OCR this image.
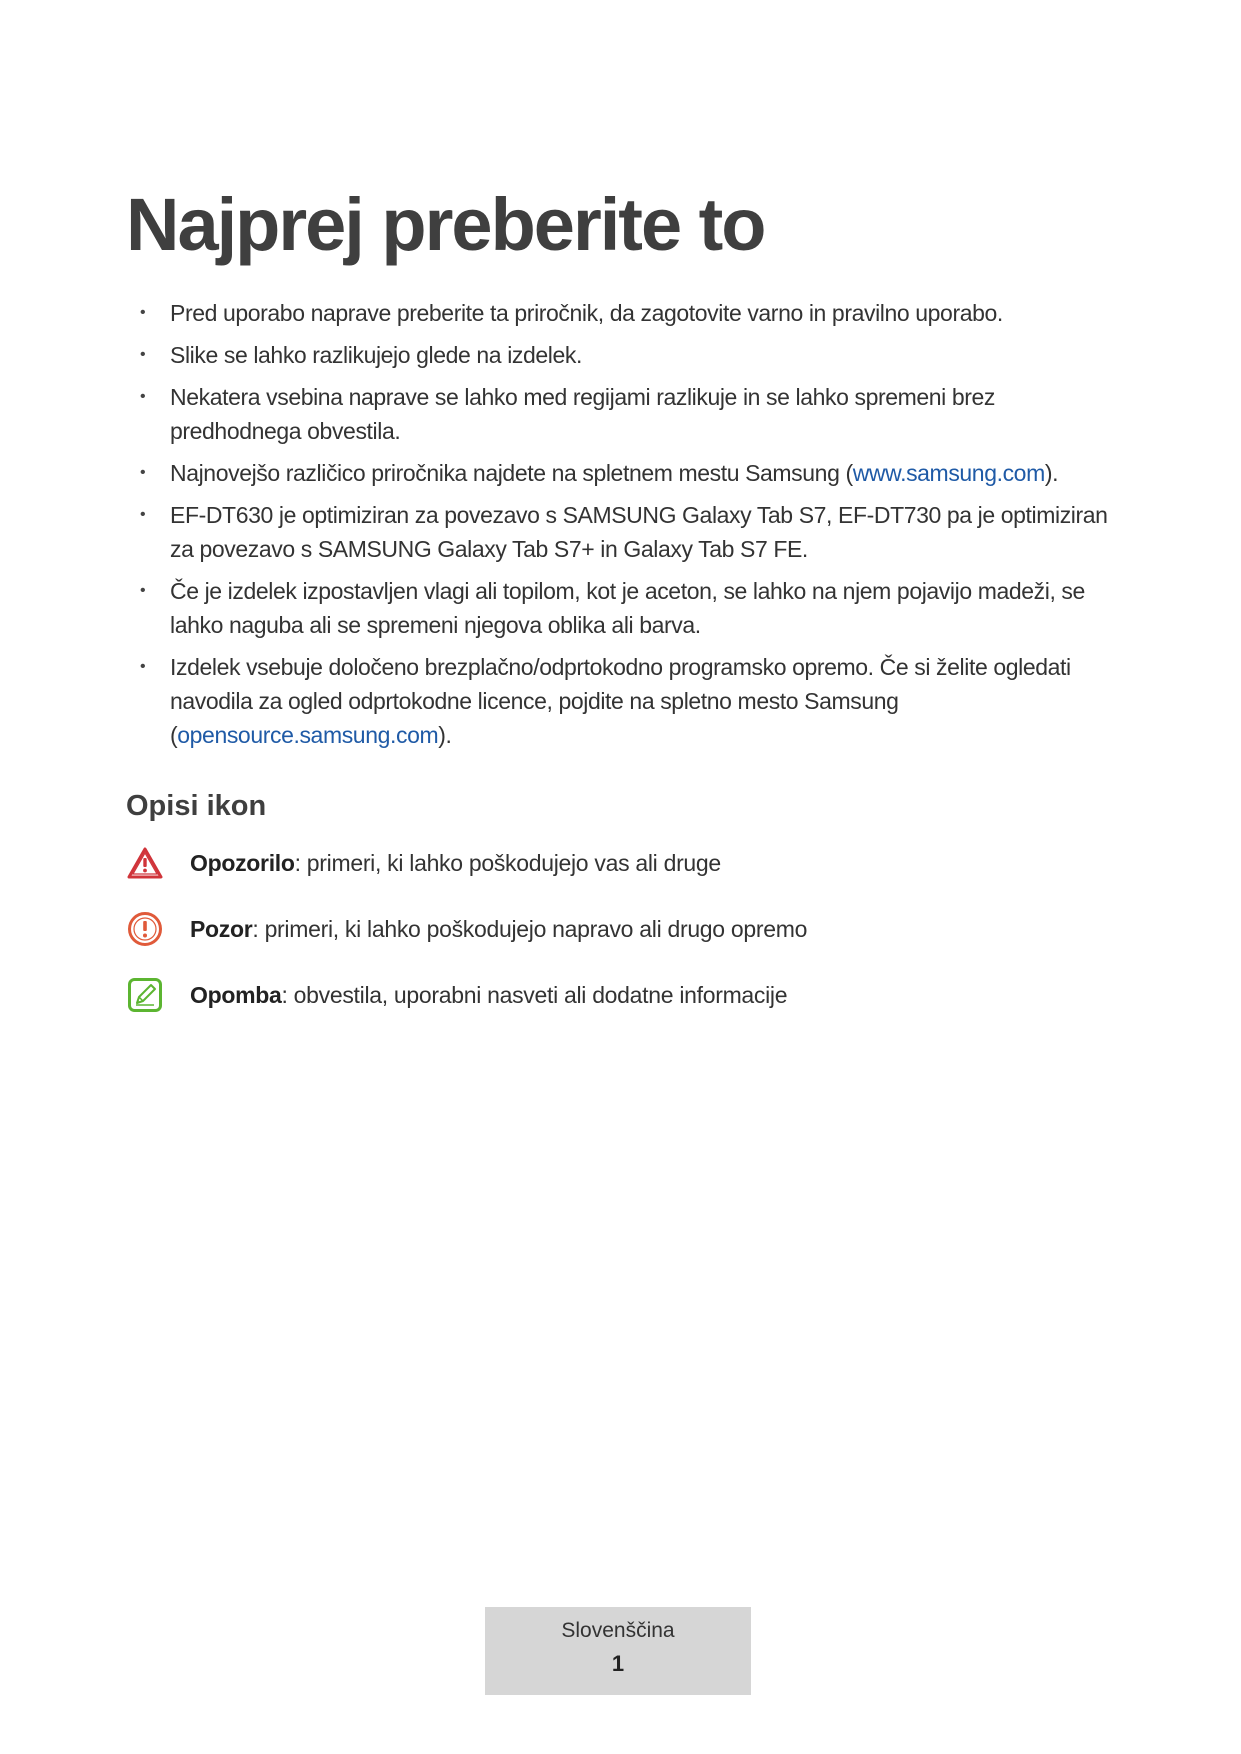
Najprej preberite to
• Pred uporabo naprave preberite ta priročnik, da zagotovite varno in pravilno uporabo.
• Slike se lahko razlikujejo glede na izdelek.
• Nekatera vsebina naprave se lahko med regijami razlikuje in se lahko spremeni brez predhodnega obvestila.
• Najnovejšo različico priročnika najdete na spletnem mestu Samsung (www.samsung.com).
• EF-DT630 je optimiziran za povezavo s SAMSUNG Galaxy Tab S7, EF-DT730 pa je optimiziran za povezavo s SAMSUNG Galaxy Tab S7+ in Galaxy Tab S7 FE.
• Če je izdelek izpostavljen vlagi ali topilom, kot je aceton, se lahko na njem pojavijo madeži, se lahko naguba ali se spremeni njegova oblika ali barva.
• Izdelek vsebuje določeno brezplačno/odprtokodno programsko opremo. Če si želite ogledati navodila za ogled odprtokodne licence, pojdite na spletno mesto Samsung (opensource.samsung.com).
Opisi ikon
Opozorilo: primeri, ki lahko poškodujejo vas ali druge
Pozor: primeri, ki lahko poškodujejo napravo ali drugo opremo
Opomba: obvestila, uporabni nasveti ali dodatne informacije
Slovenščina
1
